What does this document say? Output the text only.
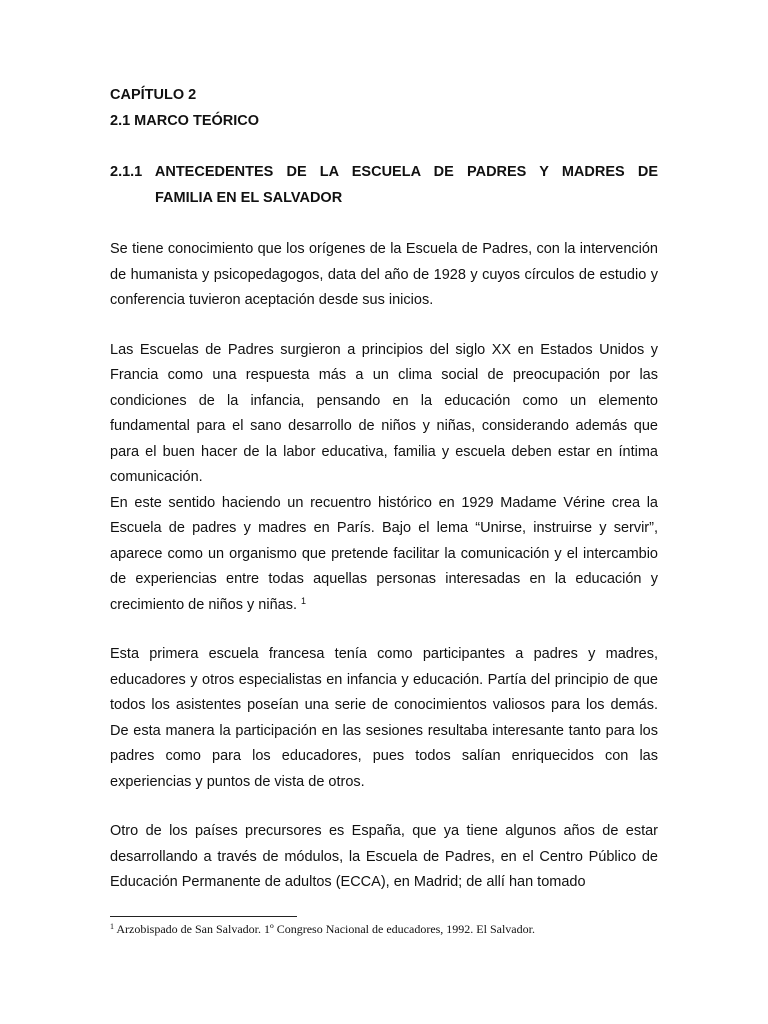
CAPÍTULO 2

2.1 MARCO TEÓRICO

2.1.1 ANTECEDENTES DE LA ESCUELA DE PADRES Y MADRES DE
FAMILIA EN EL SALVADOR

Se tiene conocimiento que los orígenes de la Escuela de Padres, con la intervención de humanista y psicopedagogos, data del año de 1928 y cuyos círculos de estudio y conferencia tuvieron aceptación desde sus inicios.

Las Escuelas de Padres surgieron a principios del siglo XX en Estados Unidos y Francia como una respuesta más a un clima social de preocupación por las condiciones de la infancia, pensando en la educación como un elemento fundamental para el sano desarrollo de niños y niñas, considerando además que para el buen hacer de la labor educativa, familia y escuela deben estar en íntima comunicación.

En este sentido haciendo un recuentro histórico en 1929 Madame Vérine crea la Escuela de padres y madres en París. Bajo el lema “Unirse, instruirse y servir”, aparece como un organismo que pretende facilitar la comunicación y el intercambio de experiencias entre todas aquellas personas interesadas en la educación y crecimiento de niños y niñas. $^1$

Esta primera escuela francesa tenía como participantes a padres y madres, educadores y otros especialistas en infancia y educación. Partía del principio de que todos los asistentes poseían una serie de conocimientos valiosos para los demás. De esta manera la participación en las sesiones resultaba interesante tanto para los padres como para los educadores, pues todos salían enriquecidos con las experiencias y puntos de vista de otros.

Otro de los países precursores es España, que ya tiene algunos años de estar desarrollando a través de módulos, la Escuela de Padres, en el Centro Público de Educación Permanente de adultos (ECCA), en Madrid; de allí han tomado

$^1$ Arzobispado de San Salvador. 1º Congreso Nacional de educadores, 1992. El Salvador.
